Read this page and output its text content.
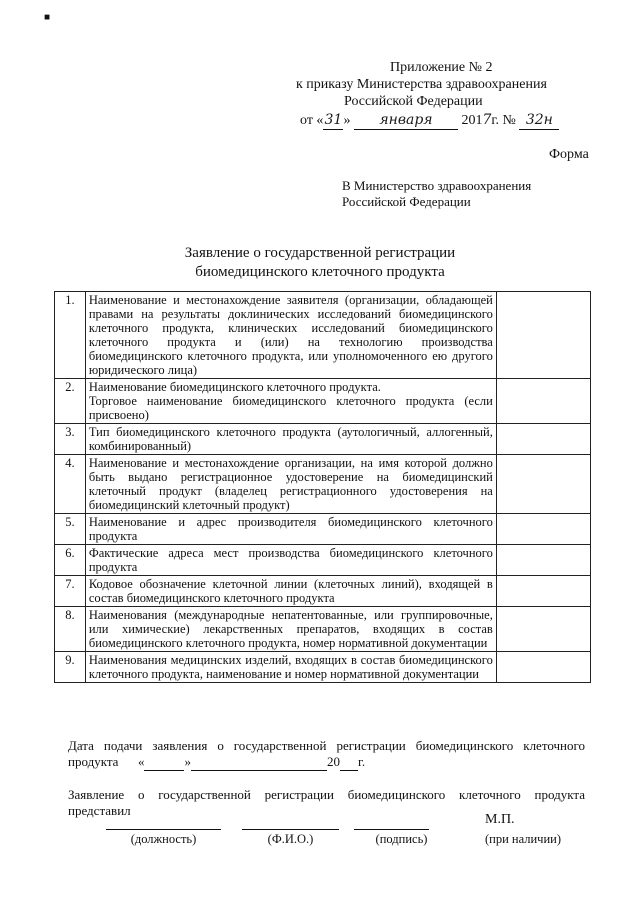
■
Приложение № 2
к приказу Министерства здравоохранения
Российской Федерации
от «31» января 2017г. № 32н
Форма
В Министерство здравоохранения
Российской Федерации
Заявление о государственной регистрации
биомедицинского клеточного продукта
1.	Наименование и местонахождение заявителя (организации, обладающей правами на результаты доклинических исследований биомедицинского клеточного продукта, клинических исследований биомедицинского клеточного продукта и (или) на технологию производства биомедицинского клеточного продукта, или уполномоченного ею другого юридического лица)	
2.	Наименование биомедицинского клеточного продукта.
Торговое наименование биомедицинского клеточного продукта (если присвоено)	
3.	Тип биомедицинского клеточного продукта (аутологичный, аллогенный, комбинированный)	
4.	Наименование и местонахождение организации, на имя которой должно быть выдано регистрационное удостоверение на биомедицинский клеточный продукт (владелец регистрационного удостоверения на биомедицинский клеточный продукт)	
5.	Наименование и адрес производителя биомедицинского клеточного продукта	
6.	Фактические адреса мест производства биомедицинского клеточного продукта	
7.	Кодовое обозначение клеточной линии (клеточных линий), входящей в состав биомедицинского клеточного продукта	
8.	Наименования (международные непатентованные, или группировочные, или химические) лекарственных препаратов, входящих в состав биомедицинского клеточного продукта, номер нормативной документации	
9.	Наименования медицинских изделий, входящих в состав биомедицинского клеточного продукта, наименование и номер нормативной документации	
Дата подачи заявления о государственной регистрации биомедицинского клеточного продукта «	»	20 г.
Заявление о государственной регистрации биомедицинского клеточного продукта представил
М.П.
(должность)	(Ф.И.О.)	(подпись)	(при наличии)
